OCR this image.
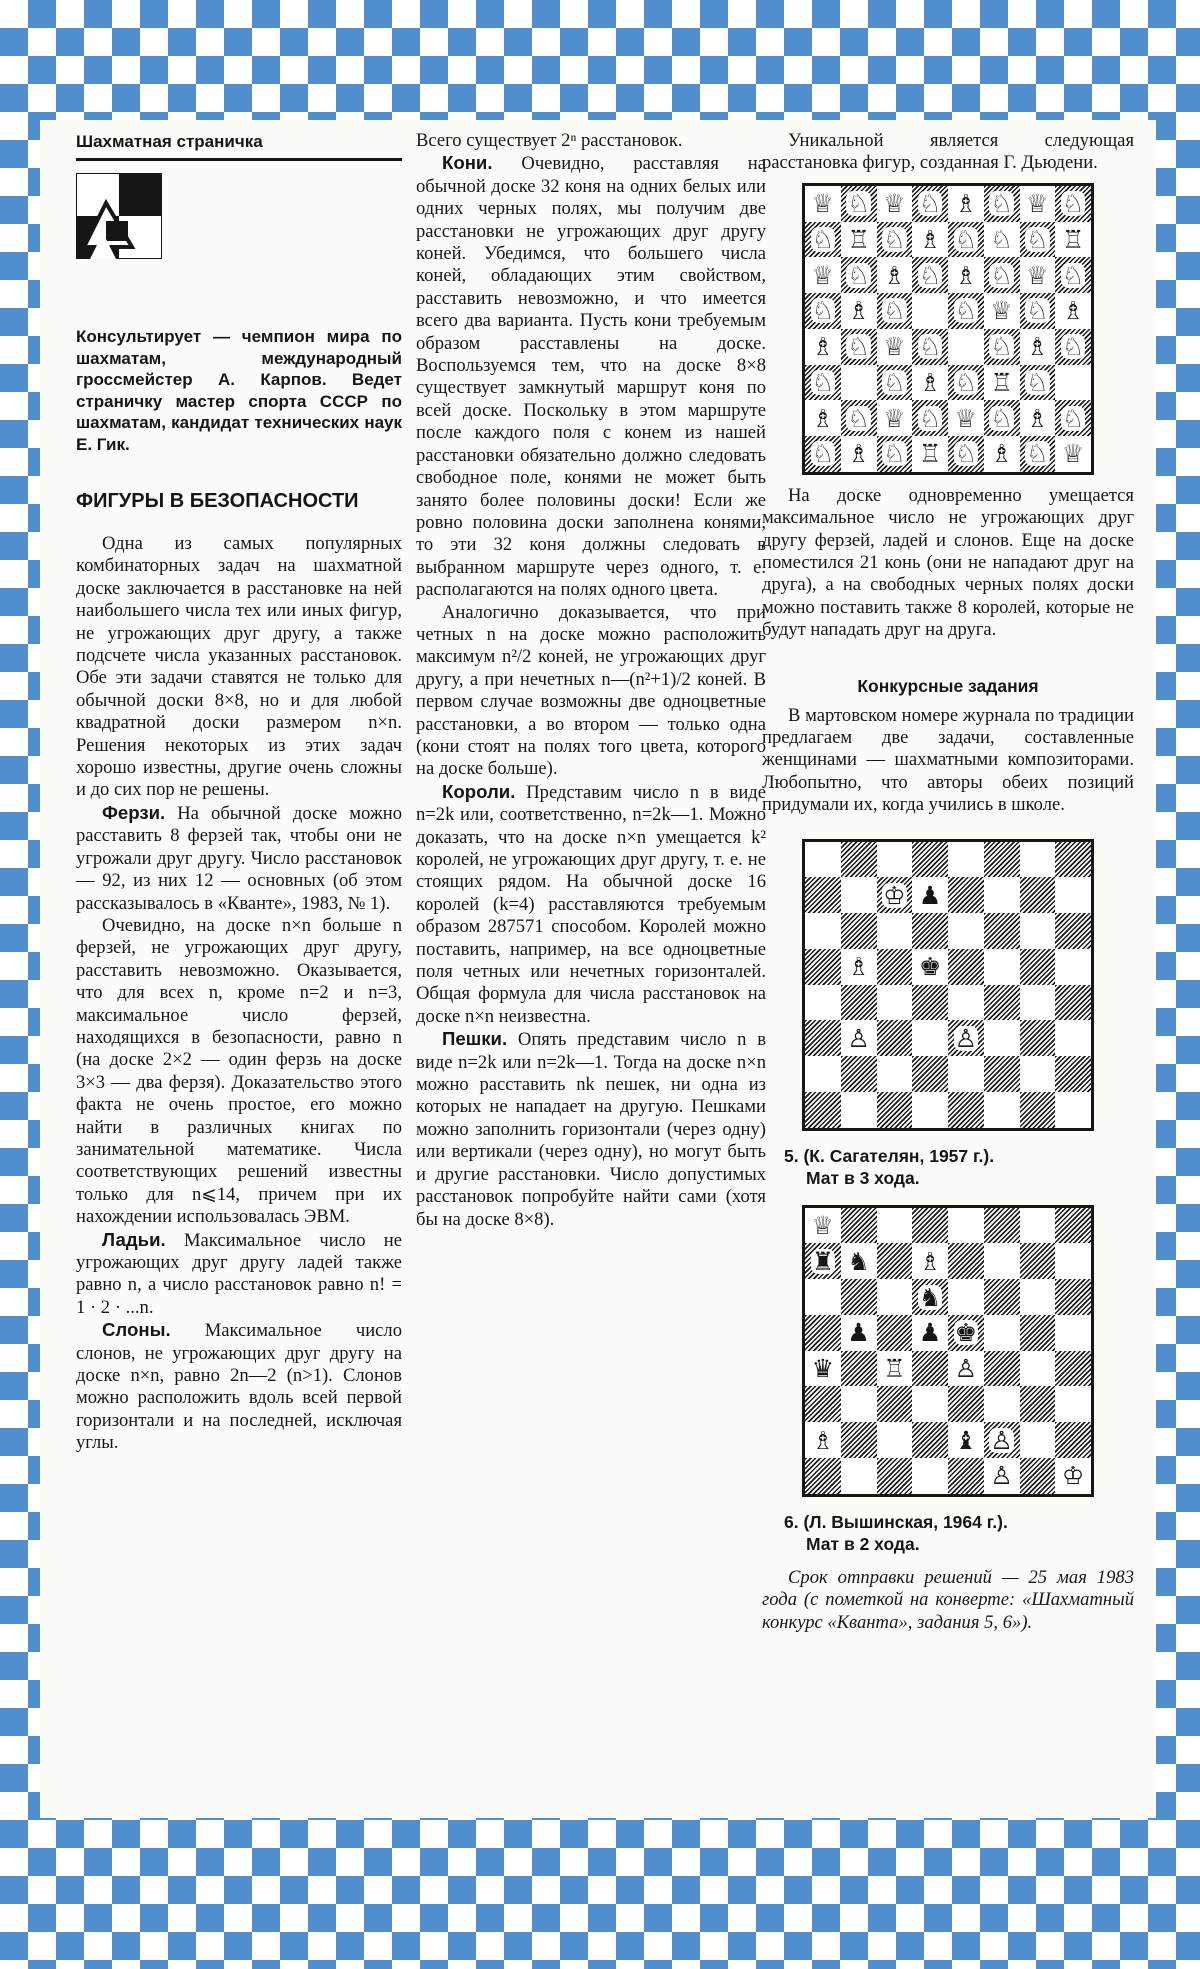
Шахматная страничка
Консультирует — чемпион мира по шахматам, международный гроссмейстер А. Карпов. Ведет страничку мастер спорта СССР по шахматам, кандидат технических наук Е. Гик.
ФИГУРЫ В БЕЗОПАСНОСТИ

Одна из самых популярных комбинаторных задач на шахматной доске заключается в расстановке на ней наибольшего числа тех или иных фигур, не угрожающих друг другу, а также подсчете числа указанных расстановок. Обе эти задачи ставятся не только для обычной доски 8×8, но и для любой квадратной доски размером n×n. Решения некоторых из этих задач хорошо известны, другие очень сложны и до сих пор не решены.

Ферзи. На обычной доске можно расставить 8 ферзей так, чтобы они не угрожали друг другу. Число расстановок — 92, из них 12 — основных (об этом рассказывалось в «Кванте», 1983, № 1).

Очевидно, на доске n×n больше n ферзей, не угрожающих друг другу, расставить невозможно. Оказывается, что для всех n, кроме n=2 и n=3, максимальное число ферзей, находящихся в безопасности, равно n (на доске 2×2 — один ферзь на доске 3×3 — два ферзя). Доказательство этого факта не очень простое, его можно найти в различных книгах по занимательной математике. Числа соответствующих решений известны только для n⩽14, причем при их нахождении использовалась ЭВМ.

Ладьи. Максимальное число не угрожающих друг другу ладей также равно n, а число расстановок равно n! = 1 · 2 · ...n.

Слоны. Максимальное число слонов, не угрожающих друг другу на доске n×n, равно 2n—2 (n>1). Слонов можно расположить вдоль всей первой горизонтали и на последней, исключая углы.

Всего существует 2ⁿ расстановок.

Кони. Очевидно, расставляя на обычной доске 32 коня на одних белых или одних черных полях, мы получим две расстановки не угрожающих друг другу коней. Убедимся, что большего числа коней, обладающих этим свойством, расставить невозможно, и что имеется всего два варианта. Пусть кони требуемым образом расставлены на доске. Воспользуемся тем, что на доске 8×8 существует замкнутый маршрут коня по всей доске. Поскольку в этом маршруте после каждого поля с конем из нашей расстановки обязательно должно следовать свободное поле, конями не может быть занято более половины доски! Если же ровно половина доски заполнена конями, то эти 32 коня должны следовать в выбранном маршруте через одного, т. е. располагаются на полях одного цвета.

Аналогично доказывается, что при четных n на доске можно расположить максимум n²/2 коней, не угрожающих друг другу, а при нечетных n—(n²+1)/2 коней. В первом случае возможны две одноцветные расстановки, а во втором — только одна (кони стоят на полях того цвета, которого на доске больше).

Короли. Представим число n в виде n=2k или, соответственно, n=2k—1. Можно доказать, что на доске n×n умещается k² королей, не угрожающих друг другу, т. е. не стоящих рядом. На обычной доске 16 королей (k=4) расставляются требуемым образом 287571 способом. Королей можно поставить, например, на все одноцветные поля четных или нечетных горизонталей. Общая формула для числа расстановок на доске n×n неизвестна.

Пешки. Опять представим число n в виде n=2k или n=2k—1. Тогда на доске n×n можно расставить nk пешек, ни одна из которых не нападает на другую. Пешками можно заполнить горизонтали (через одну) или вертикали (через одну), но могут быть и другие расстановки. Число допустимых расстановок попробуйте найти сами (хотя бы на доске 8×8).

Уникальной является следующая расстановка фигур, созданная Г. Дьюдени.

♕ ♘ ♕ ♘ ♗ ♘ ♕ ♘
♘ ♖ ♘ ♗ ♘ ♘ ♘ ♖
♕ ♘ ♗ ♘ ♗ ♘ ♕ ♘
♘ ♗ ♘ ♘ ♕ ♘ ♗
♗ ♘ ♕ ♘ ♘ ♗ ♘
♘ ♘ ♗ ♘ ♖ ♘
♗ ♘ ♕ ♘ ♕ ♘ ♗ ♘
♘ ♗ ♘ ♖ ♘ ♗ ♘ ♕

На доске одновременно умещается максимальное число не угрожающих друг другу ферзей, ладей и слонов. Еще на доске поместился 21 конь (они не нападают друг на друга), а на свободных черных полях доски можно поставить также 8 королей, которые не будут нападать друг на друга.

Конкурсные задания

В мартовском номере журнала по традиции предлагаем две задачи, составленные женщинами — шахматными композиторами. Любопытно, что авторы обеих позиций придумали их, когда учились в школе.

♔ ♟
♗ ♚
♙	♙
5. (К. Сагателян, 1957 г.).
Мат в 3 хода.
♕
♜ ♞ ♗
♞
♟ ♟ ♚
♛ ♖ ♙
♗	♝ ♙
♙ ♔
6. (Л. Вышинская, 1964 г.).
Мат в 2 хода.

Срок отправки решений — 25 мая 1983 года (с пометкой на конверте: «Шахматный конкурс «Кванта», задания 5, 6»).
